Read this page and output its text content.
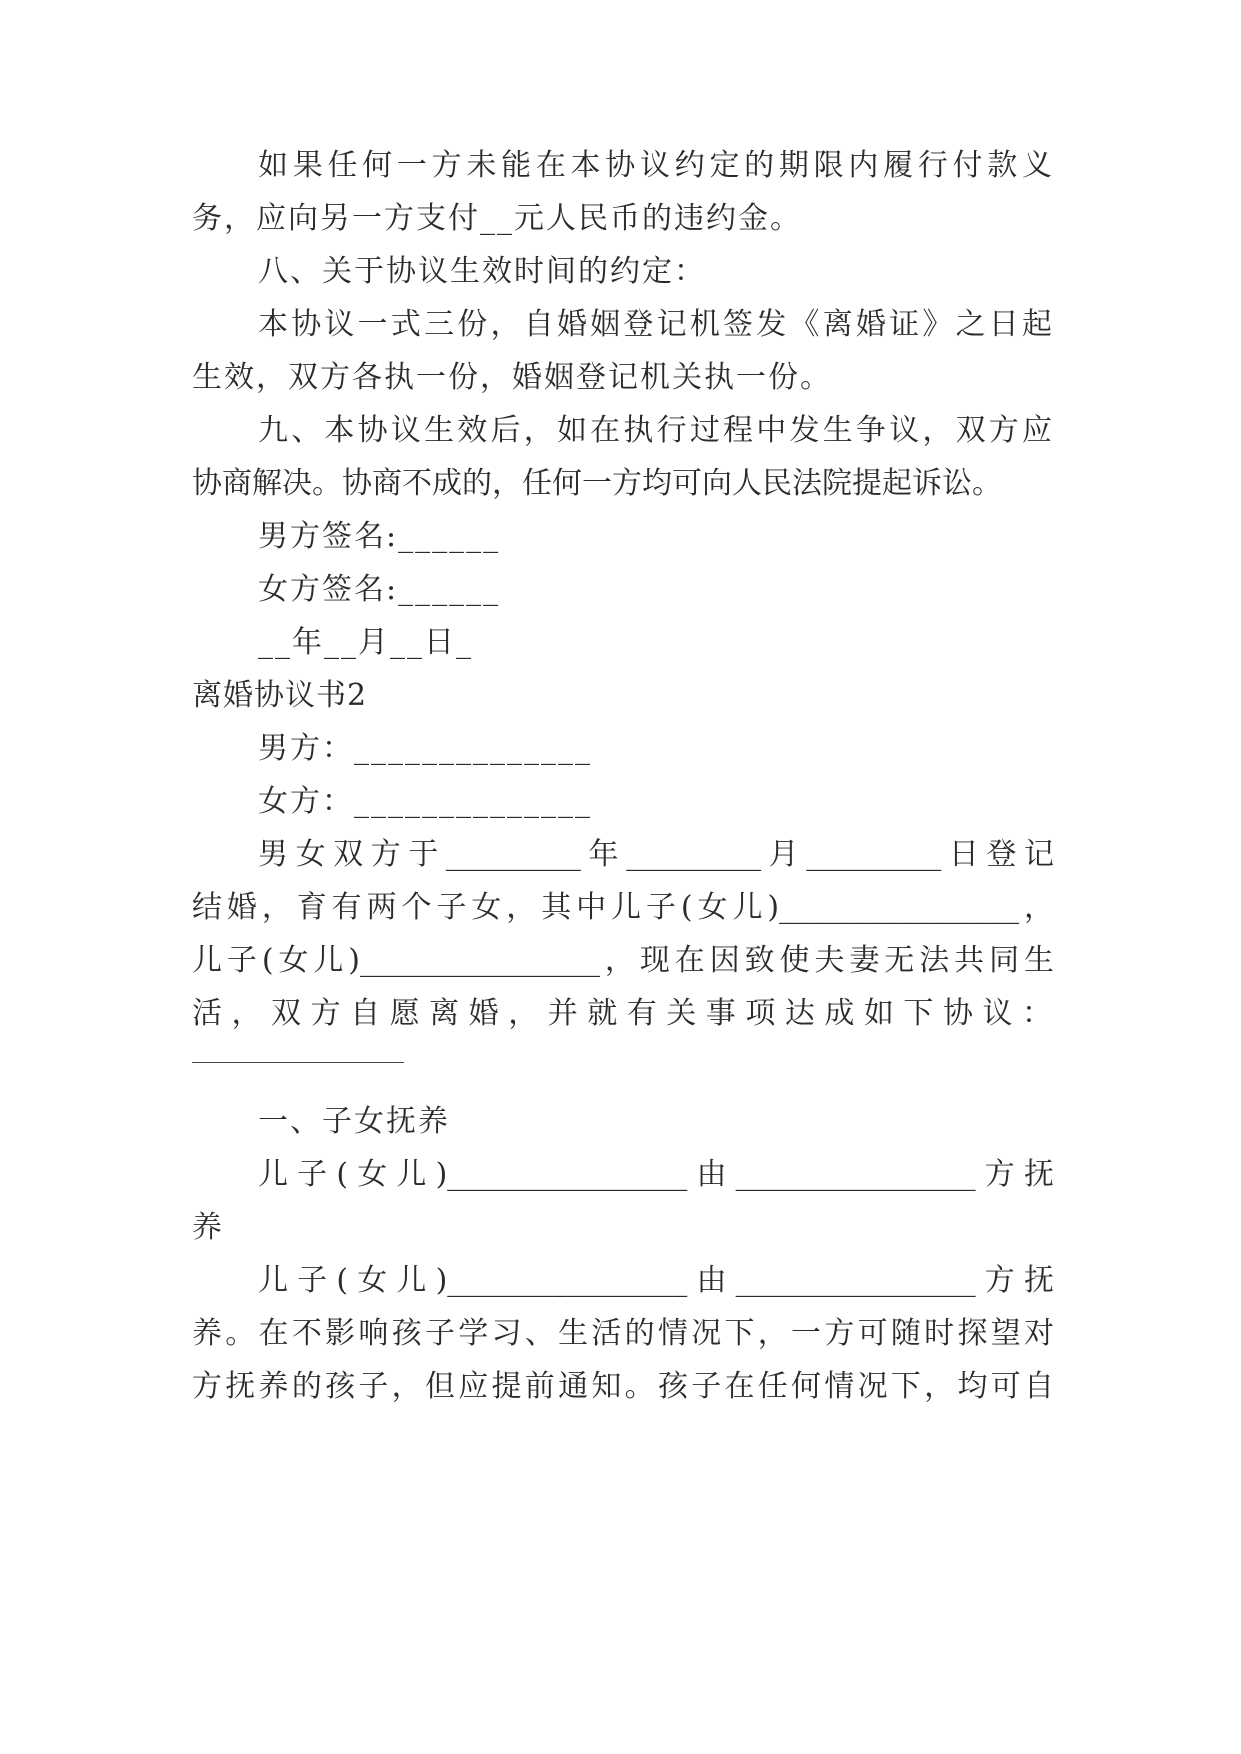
如果任何一方未能在本协议约定的期限内履行付款义
务，应向另一方支付__元人民币的违约金。
八、关于协议生效时间的约定：
本协议一式三份，自婚姻登记机签发《离婚证》之日起
生效，双方各执一份，婚姻登记机关执一份。
九、本协议生效后，如在执行过程中发生争议，双方应
协商解决。协商不成的，任何一方均可向人民法院提起诉讼。
男方签名:______
女方签名:______
__年__月__日_
离婚协议书2
男方：______________
女方：______________
男女双方于_________年_________月_________日登记
结婚，育有两个子女，其中儿子(女儿)________________，
儿子(女儿)________________，现在因致使夫妻无法共同生
活，双方自愿离婚，并就有关事项达成如下协议：
一、子女抚养
儿子(女儿)________________由________________方抚
养
儿子(女儿)________________由________________方抚
养。在不影响孩子学习、生活的情况下，一方可随时探望对
方抚养的孩子，但应提前通知。孩子在任何情况下，均可自
